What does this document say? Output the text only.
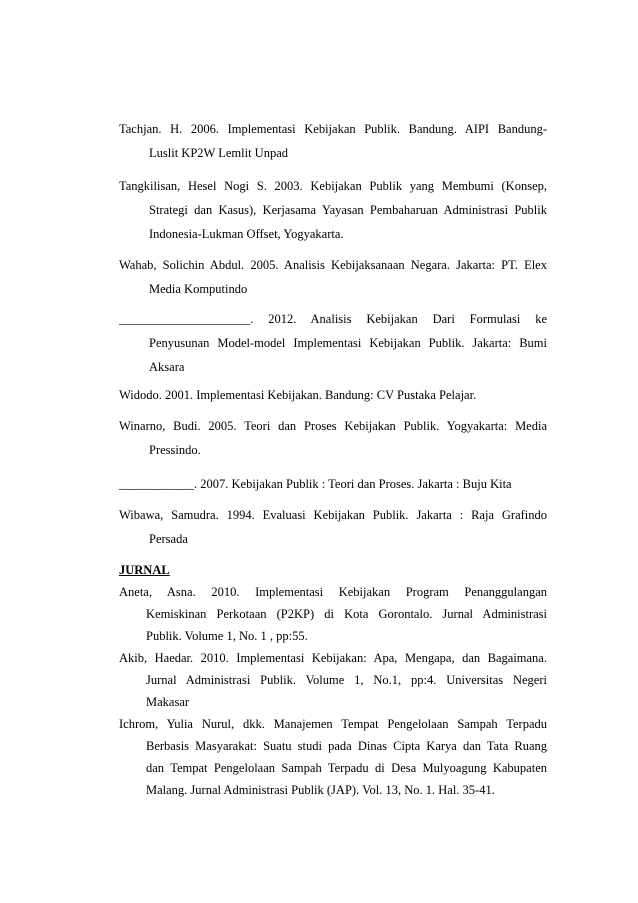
Tachjan. H. 2006. Implementasi Kebijakan Publik. Bandung. AIPI Bandung-
Luslit KP2W Lemlit Unpad
Tangkilisan, Hesel Nogi S. 2003. Kebijakan Publik yang Membumi (Konsep,
Strategi dan Kasus), Kerjasama Yayasan Pembaharuan Administrasi Publik
Indonesia-Lukman Offset, Yogyakarta.
Wahab, Solichin Abdul. 2005. Analisis Kebijaksanaan Negara. Jakarta: PT. Elex
Media Komputindo
_____________________. 2012. Analisis Kebijakan Dari Formulasi ke
Penyusunan Model-model Implementasi Kebijakan Publik. Jakarta: Bumi
Aksara
Widodo. 2001. Implementasi Kebijakan. Bandung: CV Pustaka Pelajar.
Winarno, Budi. 2005. Teori dan Proses Kebijakan Publik. Yogyakarta: Media
Pressindo.
____________. 2007. Kebijakan Publik : Teori dan Proses. Jakarta : Buju Kita
Wibawa, Samudra. 1994. Evaluasi Kebijakan Publik. Jakarta : Raja Grafindo
Persada
JURNAL
Aneta, Asna. 2010. Implementasi Kebijakan Program Penanggulangan
Kemiskinan Perkotaan (P2KP) di Kota Gorontalo. Jurnal Administrasi
Publik. Volume 1, No. 1 , pp:55.
Akib, Haedar. 2010. Implementasi Kebijakan: Apa, Mengapa, dan Bagaimana.
Jurnal Administrasi Publik. Volume 1, No.1, pp:4. Universitas Negeri
Makasar
Ichrom, Yulia Nurul, dkk. Manajemen Tempat Pengelolaan Sampah Terpadu
Berbasis Masyarakat: Suatu studi pada Dinas Cipta Karya dan Tata Ruang
dan Tempat Pengelolaan Sampah Terpadu di Desa Mulyoagung Kabupaten
Malang. Jurnal Administrasi Publik (JAP). Vol. 13, No. 1. Hal. 35-41.
